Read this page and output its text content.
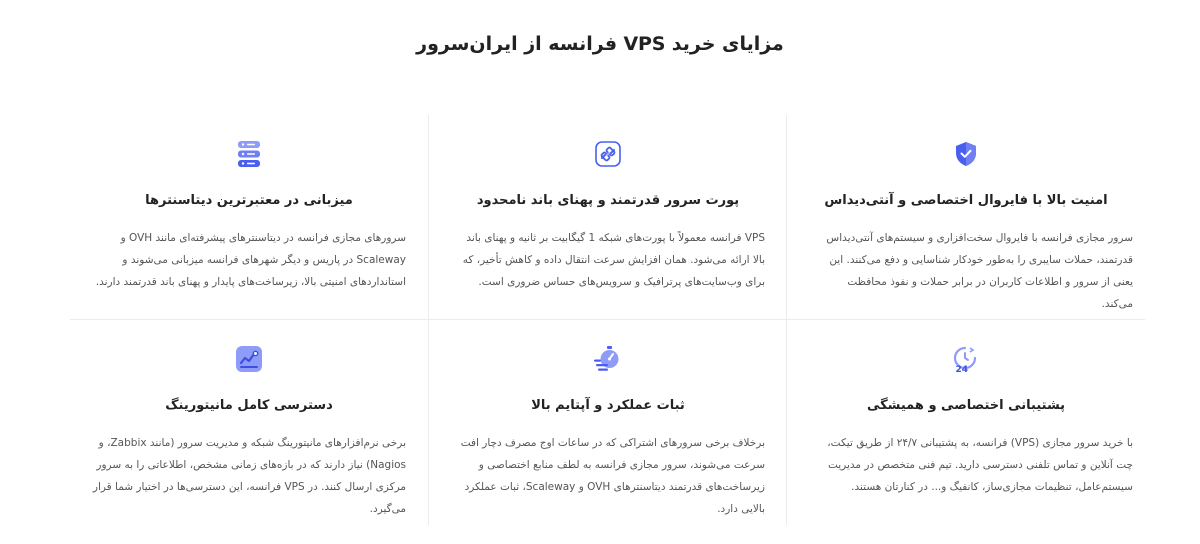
مزایای خرید VPS فرانسه از ایران‌سرور
امنیت بالا با فایروال اختصاصی و آنتی‌دیداس

سرور مجازی فرانسه با فایروال سخت‌افزاری و سیستم‌های آنتی‌دیداس قدرتمند، حملات سایبری را به‌طور خودکار شناسایی و دفع می‌کنند. این یعنی از سرور و اطلاعات کاربران در برابر حملات و نفوذ محافظت می‌کند.

پورت سرور قدرتمند و پهنای باند نامحدود

VPS فرانسه معمولاً با پورت‌های شبکه 1 گیگابیت بر ثانیه و پهنای باند بالا ارائه می‌شود. همان افزایش سرعت انتقال داده و کاهش تأخیر، که برای وب‌سایت‌های پرترافیک و سرویس‌های حساس ضروری است.

میزبانی در معتبرترین دیتاسنترها

سرورهای مجازی فرانسه در دیتاسنترهای پیشرفته‌ای مانند OVH و Scaleway در پاریس و دیگر شهرهای فرانسه میزبانی می‌شوند و استانداردهای امنیتی بالا، زیرساخت‌های پایدار و پهنای باند قدرتمند دارند.

24
پشتیبانی اختصاصی و همیشگی

با خرید سرور مجازی (VPS) فرانسه، به پشتیبانی ۲۴/۷ از طریق تیکت، چت آنلاین و تماس تلفنی دسترسی دارید. تیم فنی متخصص در مدیریت سیستم‌عامل، تنظیمات مجازی‌ساز، کانفیگ و... در کنارتان هستند.

ثبات عملکرد و آپتایم بالا

برخلاف برخی سرورهای اشتراکی که در ساعات اوج مصرف دچار افت سرعت می‌شوند، سرور مجازی فرانسه به لطف منابع اختصاصی و زیرساخت‌های قدرتمند دیتاسنترهای OVH و Scaleway، ثبات عملکرد بالایی دارد.

دسترسی کامل مانیتورینگ

برخی نرم‌افزارهای مانیتورینگ شبکه و مدیریت سرور (مانند Zabbix، و Nagios) نیاز دارند که در بازه‌های زمانی مشخص، اطلاعاتی را به سرور مرکزی ارسال کنند. در VPS فرانسه، این دسترسی‌ها در اختیار شما قرار می‌گیرد.
